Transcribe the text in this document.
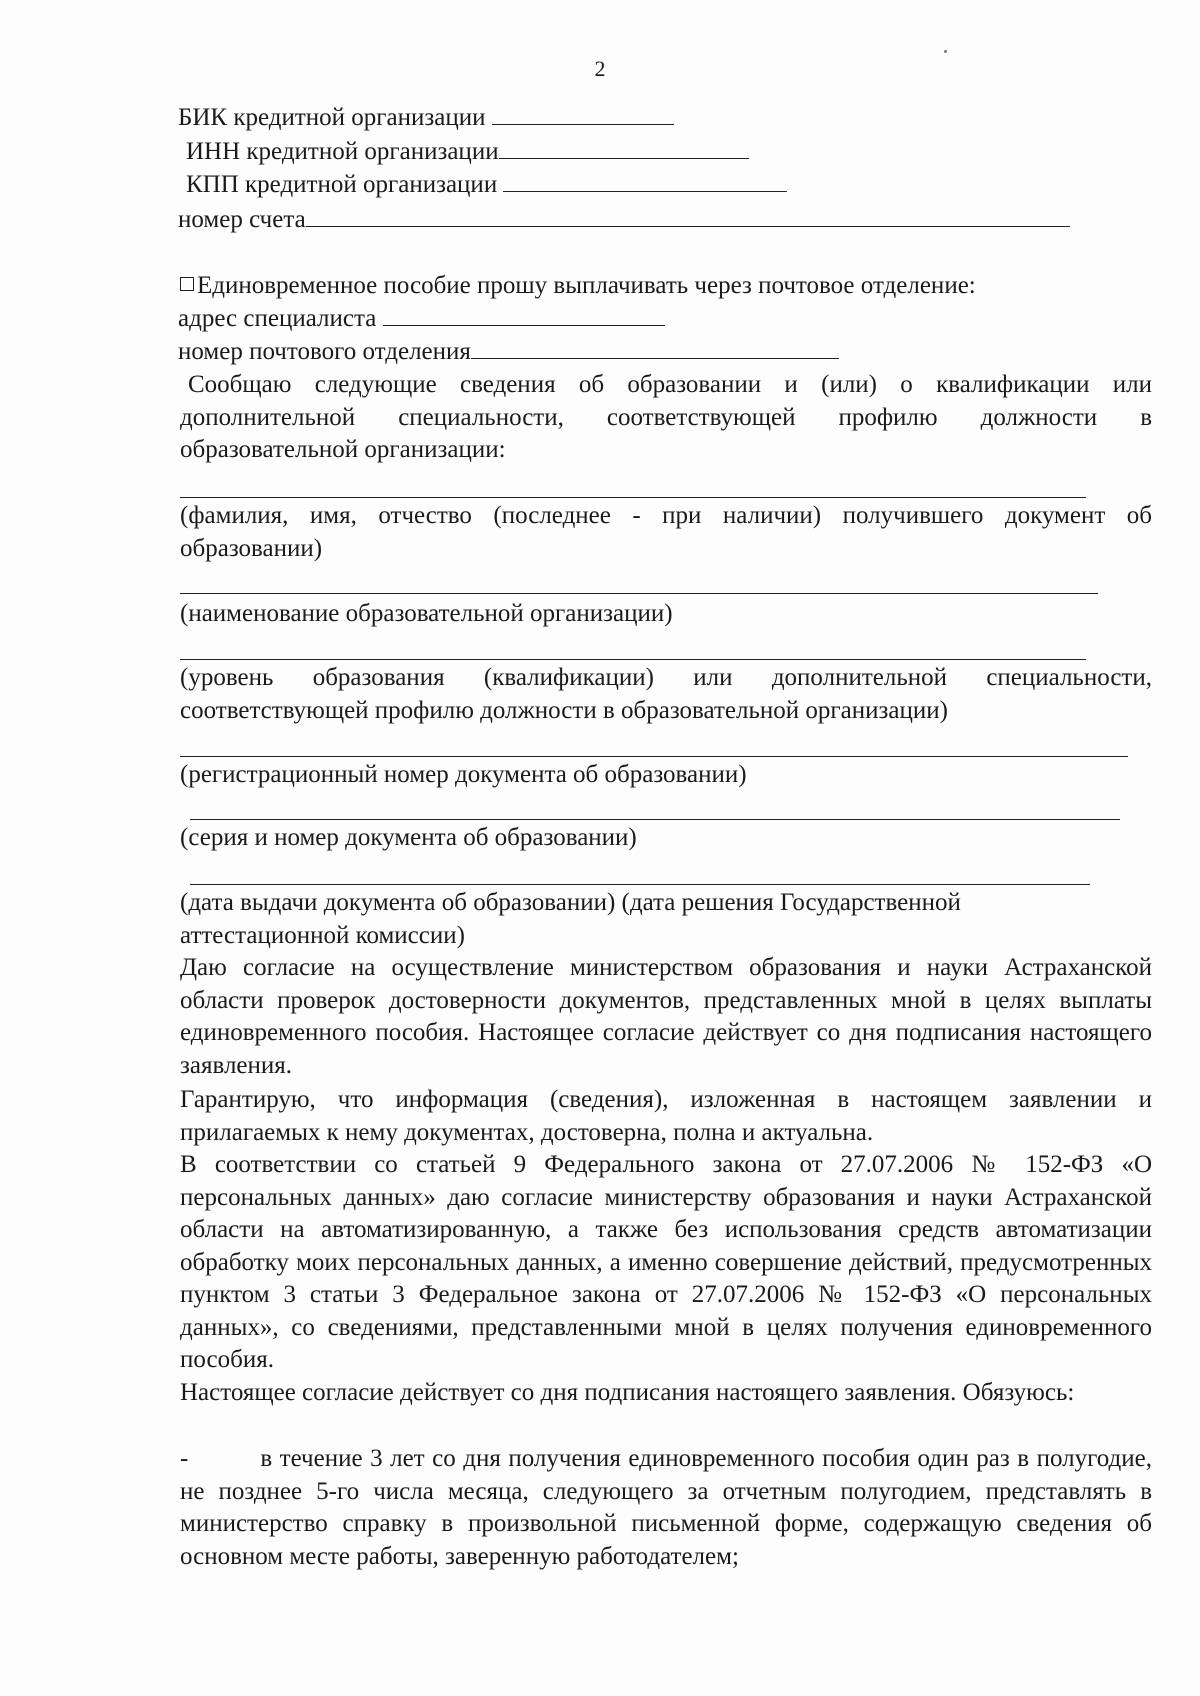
2
БИК кредитной организации
ИНН кредитной организации
КПП кредитной организации
номер счета
Единовременное пособие прошу выплачивать через почтовое отделение:
адрес специалиста
номер почтового отделения
Сообщаю следующие сведения об образовании и (или) о квалификации или дополнительной специальности, соответствующей профилю должности в образовательной организации:
(фамилия, имя, отчество (последнее - при наличии) получившего документ об образовании)
(наименование образовательной организации)
(уровень образования (квалификации) или дополнительной специальности, соответствующей профилю должности в образовательной организации)
(регистрационный номер документа об образовании)
(серия и номер документа об образовании)
(дата выдачи документа об образовании) (дата решения Государственной аттестационной комиссии)
Даю согласие на осуществление министерством образования и науки Астраханской области проверок достоверности документов, представленных мной в целях выплаты единовременного пособия. Настоящее согласие действует со дня подписания настоящего заявления.
Гарантирую, что информация (сведения), изложенная в настоящем заявлении и прилагаемых к нему документах, достоверна, полна и актуальна.
В соответствии со статьей 9 Федерального закона от 27.07.2006 № 152-ФЗ «О персональных данных» даю согласие министерству образования и науки Астраханской области на автоматизированную, а также без использования средств автоматизации обработку моих персональных данных, а именно совершение действий, предусмотренных пунктом 3 статьи 3 Федеральное закона от 27.07.2006 № 152-ФЗ «О персональных данных», со сведениями, представленными мной в целях получения единовременного пособия.
Настоящее согласие действует со дня подписания настоящего заявления. Обязуюсь:
-	в течение 3 лет со дня получения единовременного пособия один раз в полугодие, не позднее 5-го числа месяца, следующего за отчетным полугодием, представлять в министерство справку в произвольной письменной форме, содержащую сведения об основном месте работы, заверенную работодателем;
